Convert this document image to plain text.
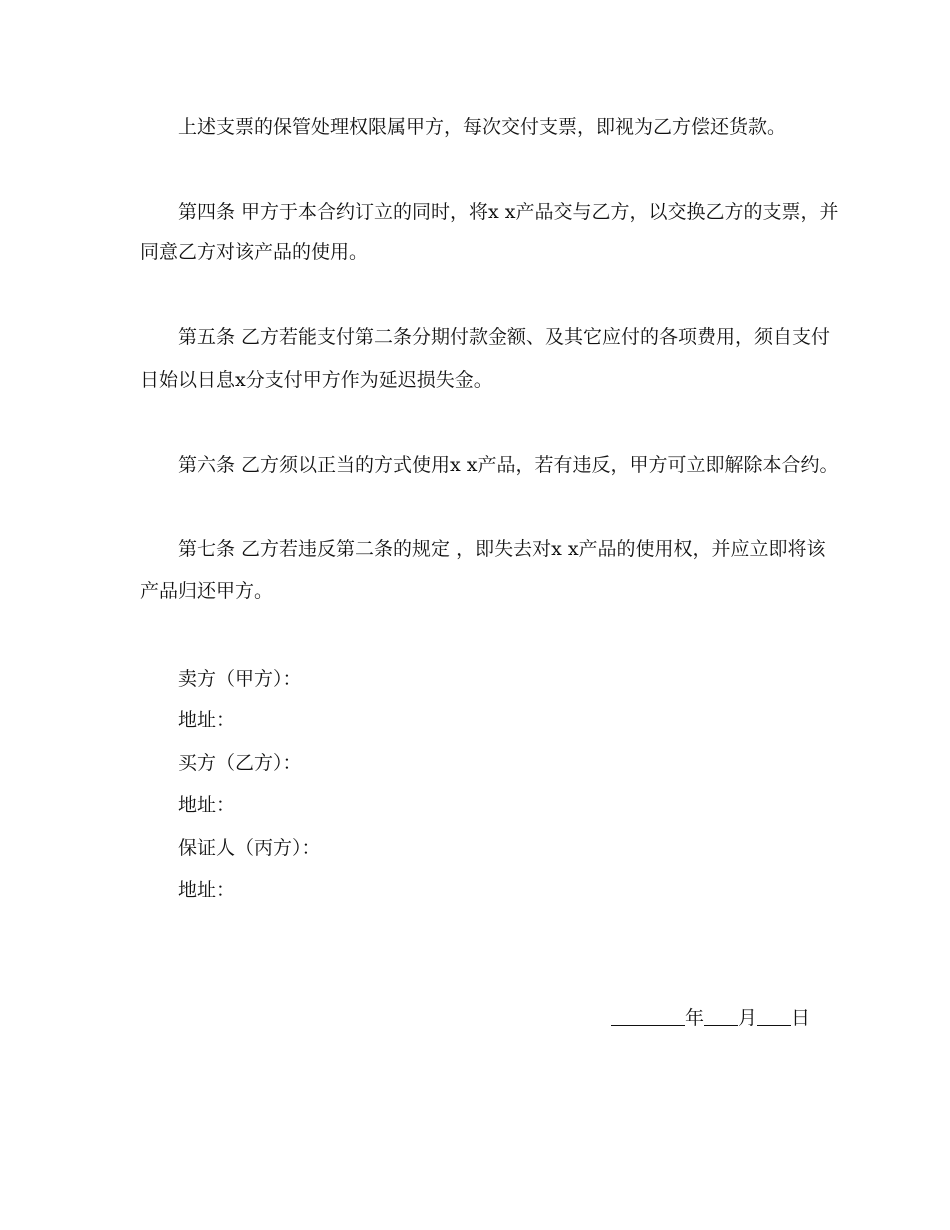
上述支票的保管处理权限属甲方，每次交付支票，即视为乙方偿还货款。
第四条 甲方于本合约订立的同时，将x x产品交与乙方，以交换乙方的支票，并
同意乙方对该产品的使用。
第五条 乙方若能支付第二条分期付款金额、及其它应付的各项费用，须自支付
日始以日息x分支付甲方作为延迟损失金。
第六条 乙方须以正当的方式使用x x产品，若有违反，甲方可立即解除本合约。
第七条 乙方若违反第二条的规定 ，即失去对x x产品的使用权，并应立即将该
产品归还甲方。
卖方（甲方）：
地址：
买方（乙方）：
地址：
保证人（丙方）：
地址：
年 月 日
